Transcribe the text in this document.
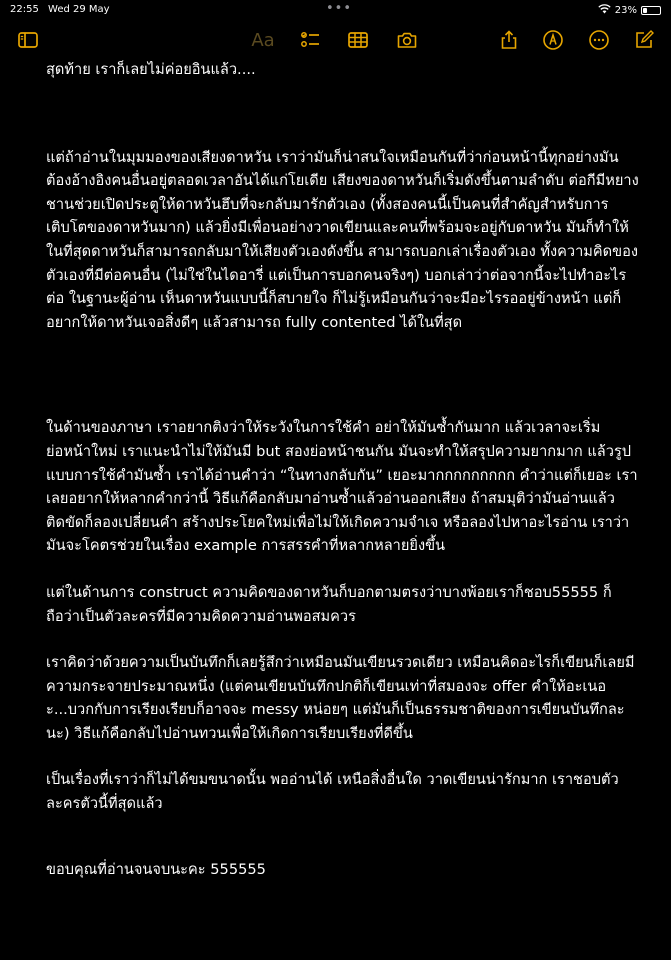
22:55 Wed 29 May	•••	23%
Aa

สุดท้าย เราก็เลยไม่ค่อยอินแล้ว....

แต่ถ้าอ่านในมุมมองของเสียงดาหวัน เราว่ามันก็น่าสนใจเหมือนกันที่ว่าก่อนหน้านี้ทุกอย่างมันต้องอ้างอิงคนอื่นอยู่ตลอดเวลาอันได้แก่โยเดีย เสียงของดาหวันก็เริ่มดังขึ้นตามลำดับ ต่อกีมีหยางชานช่วยเปิดประตูให้ดาหวันฮึบที่จะกลับมารักตัวเอง (ทั้งสองคนนี้เป็นคนที่สำคัญสำหรับการเติบโตของดาหวันมาก) แล้วยิ่งมีเพื่อนอย่างวาดเขียนและคนที่พร้อมจะอยู่กับดาหวัน มันก็ทำให้ในที่สุดดาหวันก็สามารถกลับมาให้เสียงตัวเองดังขึ้น สามารถบอกเล่าเรื่องตัวเอง ทั้งความคิดของตัวเองที่มีต่อคนอื่น (ไม่ใช่ในไดอารี่ แต่เป็นการบอกคนจริงๆ) บอกเล่าว่าต่อจากนี้จะไปทำอะไรต่อ ในฐานะผู้อ่าน เห็นดาหวันแบบนี้ก็สบายใจ ก็ไม่รู้เหมือนกันว่าจะมีอะไรรออยู่ข้างหน้า แต่ก็อยากให้ดาหวันเจอสิ่งดีๆ แล้วสามารถ fully contented ได้ในที่สุด

ในด้านของภาษา เราอยากติงว่าให้ระวังในการใช้คำ อย่าให้มันซ้ำกันมาก แล้วเวลาจะเริ่มย่อหน้าใหม่ เราแนะนำไม่ให้มันมี but สองย่อหน้าชนกัน มันจะทำให้สรุปความยากมาก แล้วรูปแบบการใช้คำมันซ้ำ เราได้อ่านคำว่า “ในทางกลับกัน” เยอะมากกกกกกกกก คำว่าแต่ก็เยอะ เราเลยอยากให้หลากคำกว่านี้ วิธีแก้คือกลับมาอ่านซ้ำแล้วอ่านออกเสียง ถ้าสมมุติว่ามันอ่านแล้วติดขัดก็ลองเปลี่ยนคำ สร้างประโยคใหม่เพื่อไม่ให้เกิดความจำเจ หรือลองไปหาอะไรอ่าน เราว่ามันจะโคตรช่วยในเรื่อง example การสรรคำที่หลากหลายยิ่งขึ้น

แต่ในด้านการ construct ความคิดของดาหวันก็บอกตามตรงว่าบางพ้อยเราก็ชอบ55555 ก็ถือว่าเป็นตัวละครที่มีความคิดความอ่านพอสมควร

เราคิดว่าด้วยความเป็นบันทึกก็เลยรู้สึกว่าเหมือนมันเขียนรวดเดียว เหมือนคิดอะไรก็เขียนก็เลยมีความกระจายประมาณหนึ่ง (แต่คนเขียนบันทึกปกติก็เขียนเท่าที่สมองจะ offer คำให้อะเนอะ...บวกกับการเรียงเรียบก็อาจจะ messy หน่อยๆ แต่มันก็เป็นธรรมชาติของการเขียนบันทึกละนะ) วิธีแก้คือกลับไปอ่านทวนเพื่อให้เกิดการเรียบเรียงที่ดีขึ้น

เป็นเรื่องที่เราว่าก็ไม่ได้ขมขนาดนั้น พออ่านได้ เหนือสิ่งอื่นใด วาดเขียนน่ารักมาก เราชอบตัวละครตัวนี้ที่สุดแล้ว

ขอบคุณที่อ่านจนจบนะคะ 555555
